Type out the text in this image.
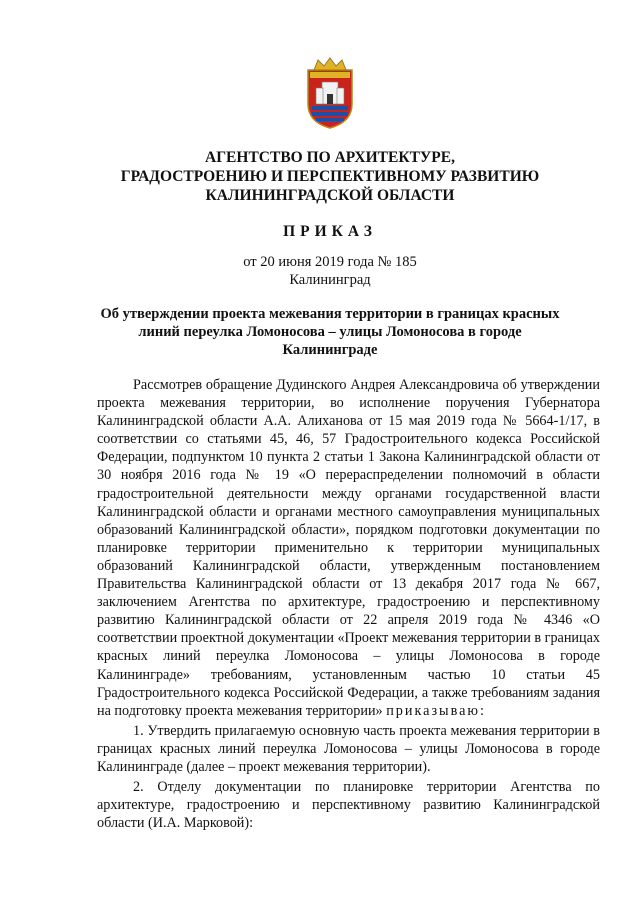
АГЕНТСТВО ПО АРХИТЕКТУРЕ,
ГРАДОСТРОЕНИЮ И ПЕРСПЕКТИВНОМУ РАЗВИТИЮ
КАЛИНИНГРАДСКОЙ ОБЛАСТИ
ПРИКАЗ
от 20 июня 2019 года № 185
Калининград
Об утверждении проекта межевания территории в границах красных
линий переулка Ломоносова – улицы Ломоносова в городе
Калининграде

Рассмотрев обращение Дудинского Андрея Александровича об утверждении проекта межевания территории, во исполнение поручения Губернатора Калининградской области А.А. Алиханова от 15 мая 2019 года № 5664-1/17, в соответствии со статьями 45, 46, 57 Градостроительного кодекса Российской Федерации, подпунктом 10 пункта 2 статьи 1 Закона Калининградской области от 30 ноября 2016 года № 19 «О перераспределении полномочий в области градостроительной деятельности между органами государственной власти Калининградской области и органами местного самоуправления муниципальных образований Калининградской области», порядком подготовки документации по планировке территории применительно к территории муниципальных образований Калининградской области, утвержденным постановлением Правительства Калининградской области от 13 декабря 2017 года № 667, заключением Агентства по архитектуре, градостроению и перспективному развитию Калининградской области от 22 апреля 2019 года № 4346 «О соответствии проектной документации «Проект межевания территории в границах красных линий переулка Ломоносова – улицы Ломоносова в городе Калининграде» требованиям, установленным частью 10 статьи 45 Градостроительного кодекса Российской Федерации, а также требованиям задания на подготовку проекта межевания территории» приказываю:

1. Утвердить прилагаемую основную часть проекта межевания территории в границах красных линий переулка Ломоносова – улицы Ломоносова в городе Калининграде (далее – проект межевания территории).

2. Отделу документации по планировке территории Агентства по архитектуре, градостроению и перспективному развитию Калининградской области (И.А. Марковой):
